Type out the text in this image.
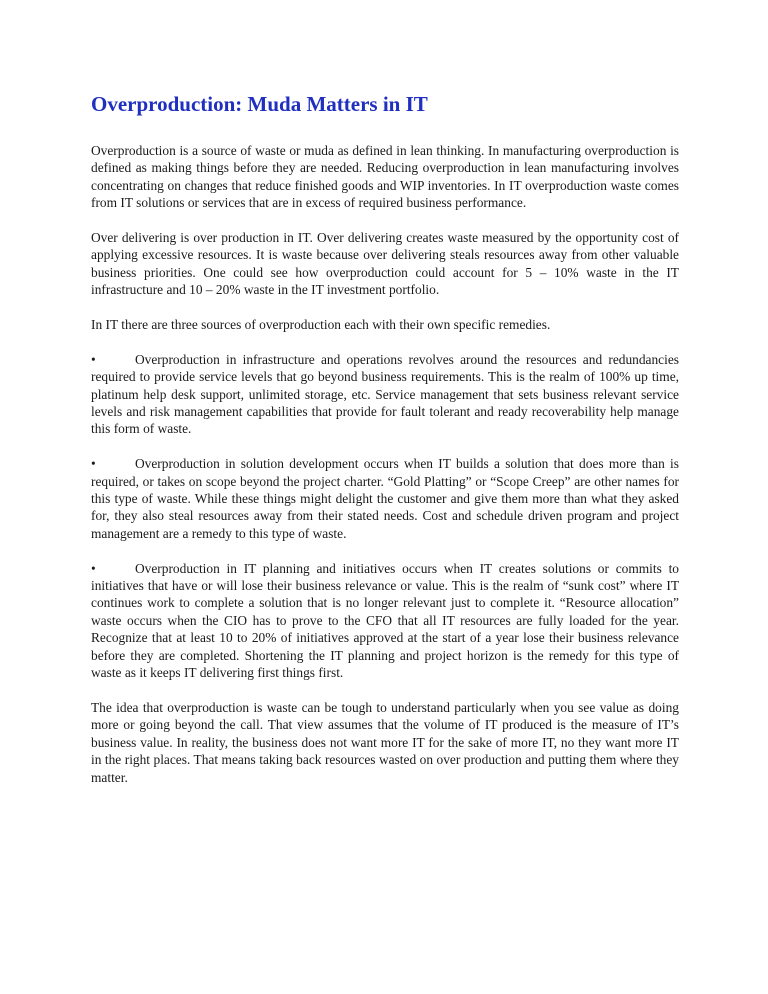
Overproduction: Muda Matters in IT

Overproduction is a source of waste or muda as defined in lean thinking. In manufacturing overproduction is defined as making things before they are needed. Reducing overproduction in lean manufacturing involves concentrating on changes that reduce finished goods and WIP inventories. In IT overproduction waste comes from IT solutions or services that are in excess of required business performance.

Over delivering is over production in IT. Over delivering creates waste measured by the opportunity cost of applying excessive resources. It is waste because over delivering steals resources away from other valuable business priorities. One could see how overproduction could account for 5 – 10% waste in the IT infrastructure and 10 – 20% waste in the IT investment portfolio.

In IT there are three sources of overproduction each with their own specific remedies.

•	Overproduction in infrastructure and operations revolves around the resources and redundancies required to provide service levels that go beyond business requirements. This is the realm of 100% up time, platinum help desk support, unlimited storage, etc. Service management that sets business relevant service levels and risk management capabilities that provide for fault tolerant and ready recoverability help manage this form of waste.
•	Overproduction in solution development occurs when IT builds a solution that does more than is required, or takes on scope beyond the project charter. “Gold Platting” or “Scope Creep” are other names for this type of waste. While these things might delight the customer and give them more than what they asked for, they also steal resources away from their stated needs. Cost and schedule driven program and project management are a remedy to this type of waste.
•	Overproduction in IT planning and initiatives occurs when IT creates solutions or commits to initiatives that have or will lose their business relevance or value. This is the realm of “sunk cost” where IT continues work to complete a solution that is no longer relevant just to complete it. “Resource allocation” waste occurs when the CIO has to prove to the CFO that all IT resources are fully loaded for the year. Recognize that at least 10 to 20% of initiatives approved at the start of a year lose their business relevance before they are completed. Shortening the IT planning and project horizon is the remedy for this type of waste as it keeps IT delivering first things first.

The idea that overproduction is waste can be tough to understand particularly when you see value as doing more or going beyond the call. That view assumes that the volume of IT produced is the measure of IT’s business value. In reality, the business does not want more IT for the sake of more IT, no they want more IT in the right places. That means taking back resources wasted on over production and putting them where they matter.
